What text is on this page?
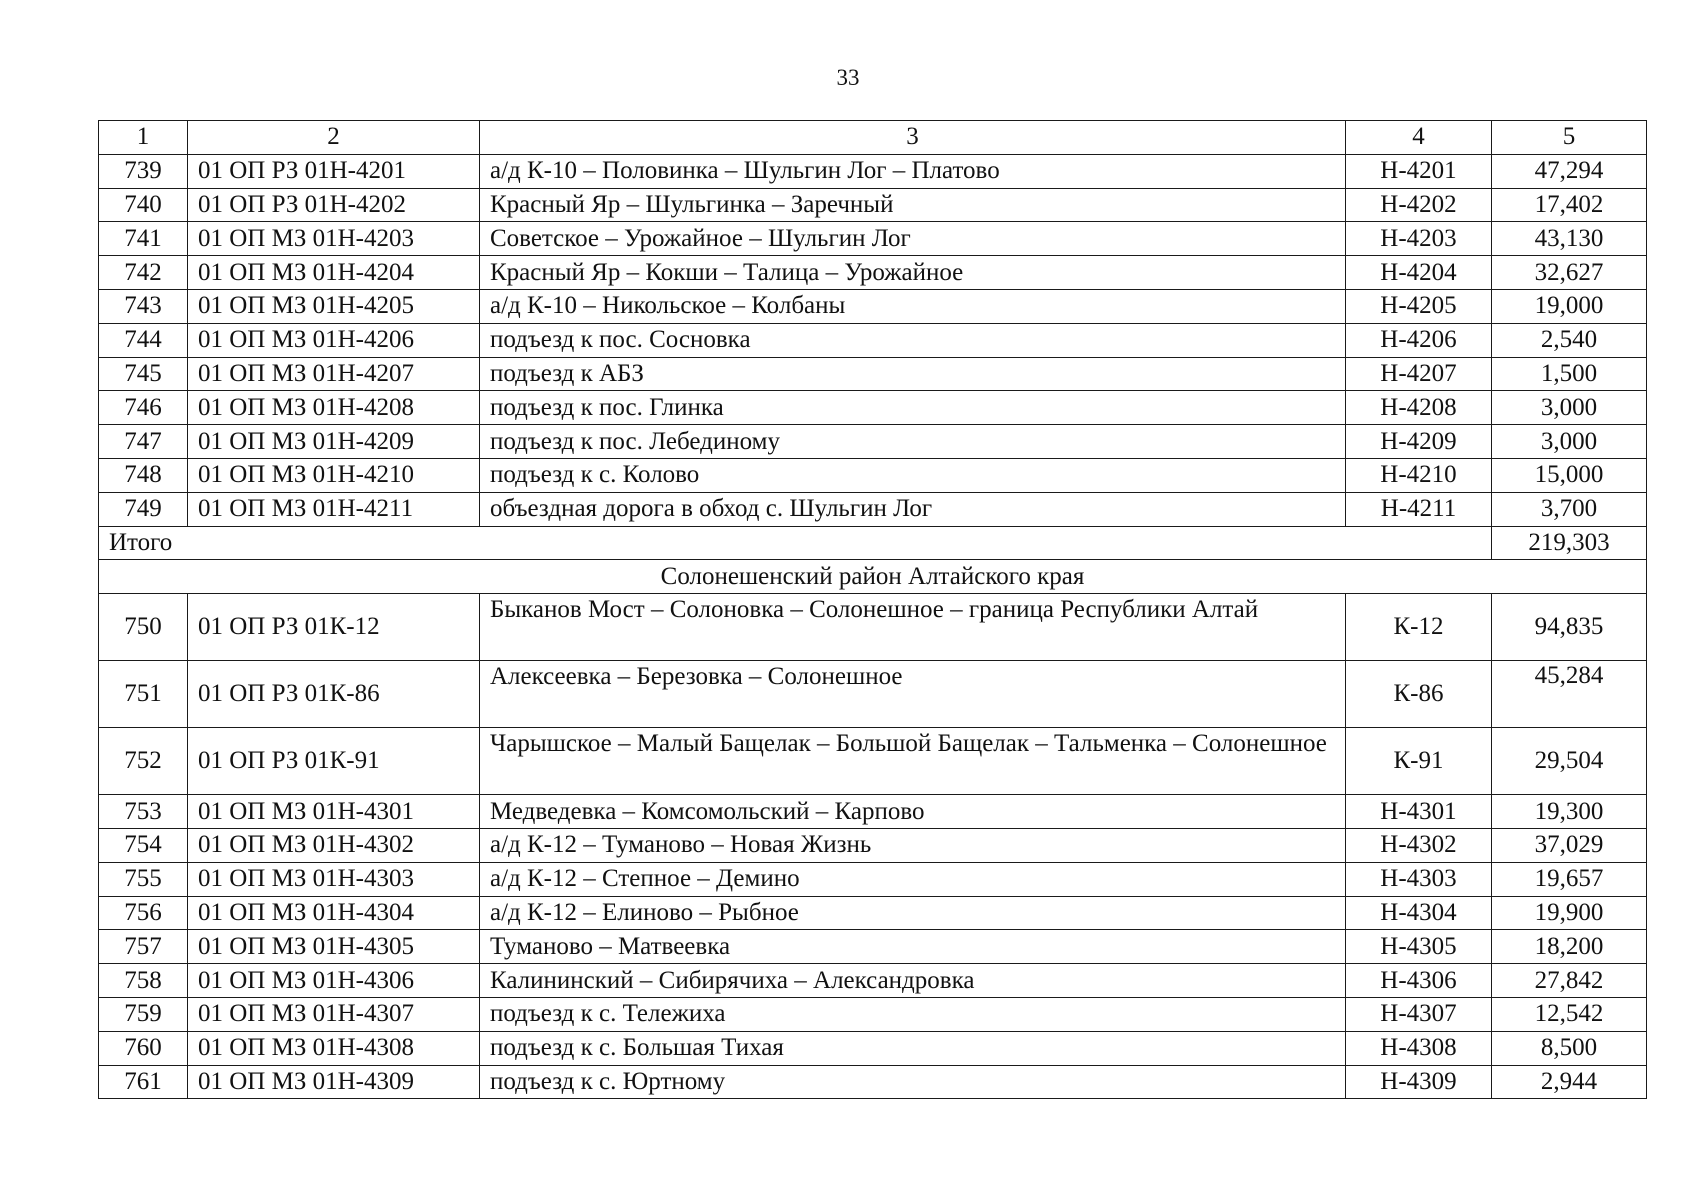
33
1	2	3	4	5
739	01 ОП РЗ 01Н-4201	а/д К-10 – Половинка – Шульгин Лог – Платово	Н-4201	47,294
740	01 ОП РЗ 01Н-4202	Красный Яр – Шульгинка – Заречный	Н-4202	17,402
741	01 ОП МЗ 01Н-4203	Советское – Урожайное – Шульгин Лог	Н-4203	43,130
742	01 ОП МЗ 01Н-4204	Красный Яр – Кокши – Талица – Урожайное	Н-4204	32,627
743	01 ОП МЗ 01Н-4205	а/д К-10 – Никольское – Колбаны	Н-4205	19,000
744	01 ОП МЗ 01Н-4206	подъезд к пос. Сосновка	Н-4206	2,540
745	01 ОП МЗ 01Н-4207	подъезд к АБЗ	Н-4207	1,500
746	01 ОП МЗ 01Н-4208	подъезд к пос. Глинка	Н-4208	3,000
747	01 ОП МЗ 01Н-4209	подъезд к пос. Лебединому	Н-4209	3,000
748	01 ОП МЗ 01Н-4210	подъезд к с. Колово	Н-4210	15,000
749	01 ОП МЗ 01Н-4211	объездная дорога в обход с. Шульгин Лог	Н-4211	3,700
Итого				219,303
Солонешенский район Алтайского края				
750	01 ОП РЗ 01К-12	Быканов Мост – Солоновка – Солонешное – граница Республики Алтай	К-12	94,835
751	01 ОП РЗ 01К-86	Алексеевка – Березовка – Солонешное	К-86	45,284
752	01 ОП РЗ 01К-91	Чарышское – Малый Бащелак – Большой Бащелак – Тальменка – Солонешное	К-91	29,504
753	01 ОП МЗ 01Н-4301	Медведевка – Комсомольский – Карпово	Н-4301	19,300
754	01 ОП МЗ 01Н-4302	а/д К-12 – Туманово – Новая Жизнь	Н-4302	37,029
755	01 ОП МЗ 01Н-4303	а/д К-12 – Степное – Демино	Н-4303	19,657
756	01 ОП МЗ 01Н-4304	а/д К-12 – Елиново – Рыбное	Н-4304	19,900
757	01 ОП МЗ 01Н-4305	Туманово – Матвеевка	Н-4305	18,200
758	01 ОП МЗ 01Н-4306	Калининский – Сибирячиха – Александровка	Н-4306	27,842
759	01 ОП МЗ 01Н-4307	подъезд к с. Тележиха	Н-4307	12,542
760	01 ОП МЗ 01Н-4308	подъезд к с. Большая Тихая	Н-4308	8,500
761	01 ОП МЗ 01Н-4309	подъезд к с. Юртному	Н-4309	2,944
